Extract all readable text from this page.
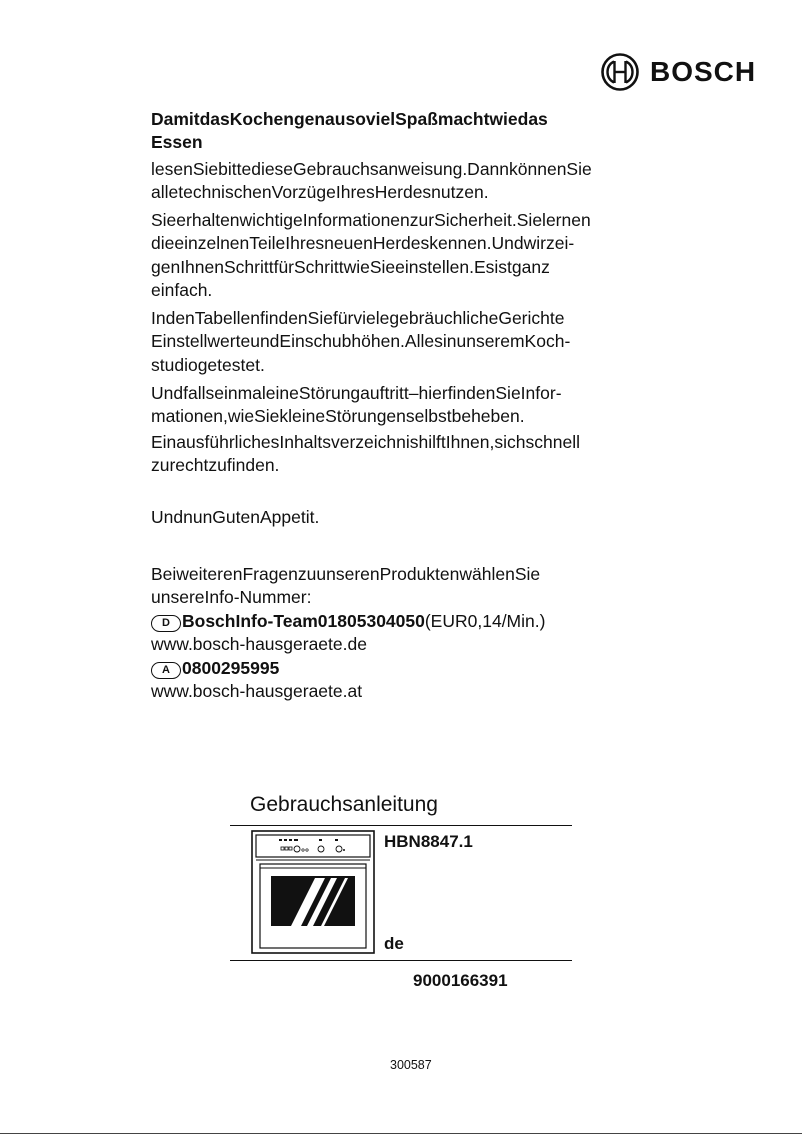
BOSCH
DamitdasKochengenausovielSpaßmachtwiedas
Essen
lesenSiebittedieseGebrauchsanweisung.DannkönnenSie
alletechnischenVorzügeIhresHerdesnutzen.
SieerhaltenwichtigeInformationenzurSicherheit.Sielernen
dieeinzelnenTeileIhresneuenHerdeskennen.Undwirzei-
genIhnenSchrittfürSchrittwieSieeinstellen.Esistganz
einfach.
IndenTabellenfindenSiefürvielegebräuchlicheGerichte
EinstellwerteundEinschubhöhen.AllesinunseremKoch-
studiogetestet.
UndfallseinmaleineStörungauftritt–hierfindenSieInfor-
mationen,wieSiekleineStörungenselbstbeheben.
EinausführlichesInhaltsverzeichnishilftIhnen,sichschnell
zurechtzufinden.
UndnunGutenAppetit.
BeiweiterenFragenzuunserenProduktenwählenSie
unsereInfo-Nummer:
D BoschInfo-Team01805304050(EUR0,14/Min.)
www.bosch-hausgeraete.de
A 0800295995
www.bosch-hausgeraete.at
Gebrauchsanleitung
HBN8847.1
de
9000166391
300587
